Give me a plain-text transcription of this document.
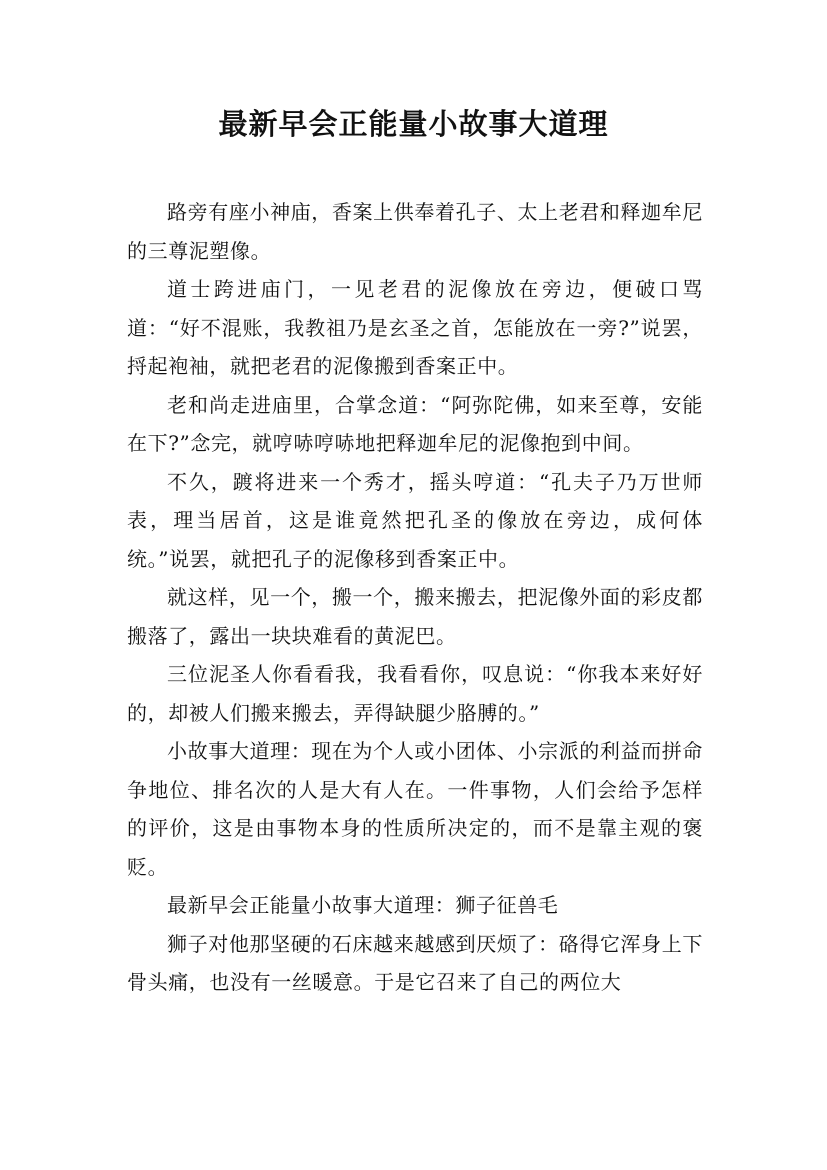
最新早会正能量小故事大道理

路旁有座小神庙，香案上供奉着孔子、太上老君和释迦牟尼的三尊泥塑像。

道士跨进庙门，一见老君的泥像放在旁边，便破口骂道：“好不混账，我教祖乃是玄圣之首，怎能放在一旁?”说罢，捋起袍袖，就把老君的泥像搬到香案正中。

老和尚走进庙里，合掌念道：“阿弥陀佛，如来至尊，安能在下?”念完，就哼哧哼哧地把释迦牟尼的泥像抱到中间。

不久，踱将进来一个秀才，摇头哼道：“孔夫子乃万世师表，理当居首，这是谁竟然把孔圣的像放在旁边，成何体统。”说罢，就把孔子的泥像移到香案正中。

就这样，见一个，搬一个，搬来搬去，把泥像外面的彩皮都搬落了，露出一块块难看的黄泥巴。

三位泥圣人你看看我，我看看你，叹息说：“你我本来好好的，却被人们搬来搬去，弄得缺腿少胳膊的。”

小故事大道理：现在为个人或小团体、小宗派的利益而拼命争地位、排名次的人是大有人在。一件事物，人们会给予怎样的评价，这是由事物本身的性质所决定的，而不是靠主观的褒贬。

最新早会正能量小故事大道理：狮子征兽毛

狮子对他那坚硬的石床越来越感到厌烦了：硌得它浑身上下骨头痛，也没有一丝暖意。于是它召来了自己的两位大
